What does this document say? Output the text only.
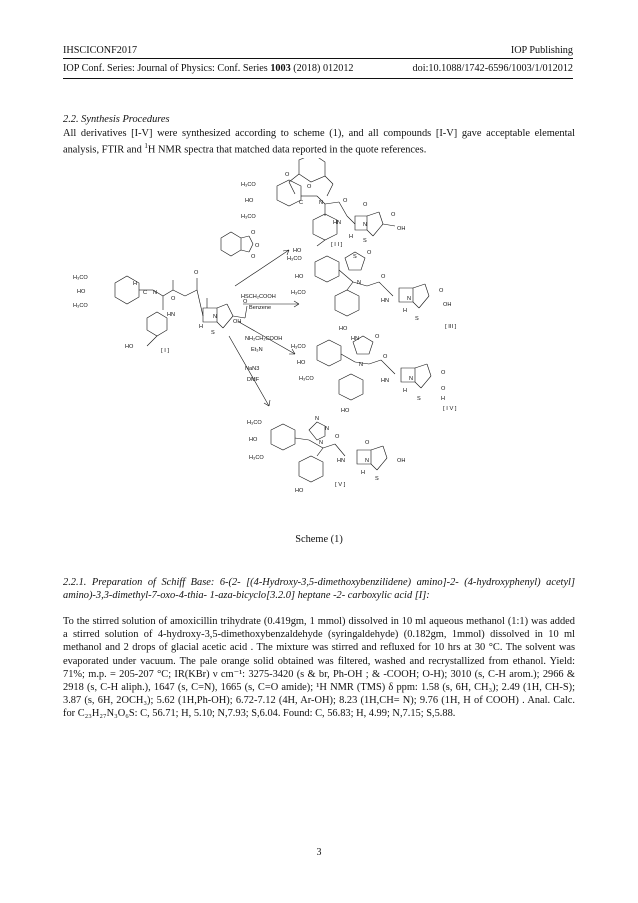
IHSCICONF2017	IOP Publishing
IOP Conf. Series: Journal of Physics: Conf. Series 1003 (2018) 012012	doi:10.1088/1742-6596/1003/1/012012
2.2. Synthesis Procedures
All derivatives [I-V] were synthesized according to scheme (1), and all compounds [I-V] gave acceptable elemental analysis, FTIR and $^1$H NMR spectra that matched data reported in the quote references.
H₃CO
HO
H₃CO
H
C N
O
HN
O
N
H
S
O
OH
HO
[ I ]
H₃CO
HO
H₃CO
O
O
C	N	O
HN
O
N
H
S
O
OH
HO
[ I I ]
O
O
O	H₃CO
HO
H₃CO
S
O
N
O
HN	N
H
S
O
OH
HO	[ III ]
H₃CO
HO
H₃CO
HN	O
N
O
HN	N
H
S
O
O
H
HO	[ I V ]
H₃CO
HO
H₃CO
N
N
N
O
HN	N
H
S
O
OH
HO
[ V ]
HSCH₂COOH
Benzene
NH₂CH₂COOH
Et₃N
NaN3
DMF
Scheme (1)
2.2.1. Preparation of Schiff Base: 6-(2- [(4-Hydroxy-3,5-dimethoxybenzilidene) amino]-2- (4-hydroxyphenyl) acetyl] amino)-3,3-dimethyl-7-oxo-4-thia- 1-aza-bicyclo[3.2.0] heptane -2- carboxylic acid [I]:
To the stirred solution of amoxicillin trihydrate (0.419gm, 1 mmol) dissolved in 10 ml aqueous methanol (1:1) was added a stirred solution of 4-hydroxy-3,5-dimethoxybenzaldehyde (syringaldehyde) (0.182gm, 1mmol) dissolved in 10 ml methanol and 2 drops of glacial acetic acid . The mixture was stirred and refluxed for 10 hrs at 30 °C. The solvent was evaporated under vacuum. The pale orange solid obtained was filtered, washed and recrystallized from ethanol. Yield: 71%; m.p. = 205-207 °C; IR(KBr) ν cm⁻¹: 3275-3420 (s & br, Ph-OH ; & -COOH; O-H); 3010 (s, C-H arom.); 2966 & 2918 (s, C-H aliph.), 1647 (s, C=N), 1665 (s, C=O amide); ¹H NMR (TMS) δ ppm: 1.58 (s, 6H, CH₃); 2.49 (1H, CH-S); 3.87 (s, 6H, 2OCH₃); 5.62 (1H,Ph-OH); 6.72-7.12 (4H, Ar-OH); 8.23 (1H,CH= N); 9.76 (1H, H of COOH) . Anal. Calc. for C₂₃H₂₇N₃O₆S: C, 56.71; H, 5.10; N,7.93; S,6.04. Found: C, 56.83; H, 4.99; N,7.15; S,5.88.
3
